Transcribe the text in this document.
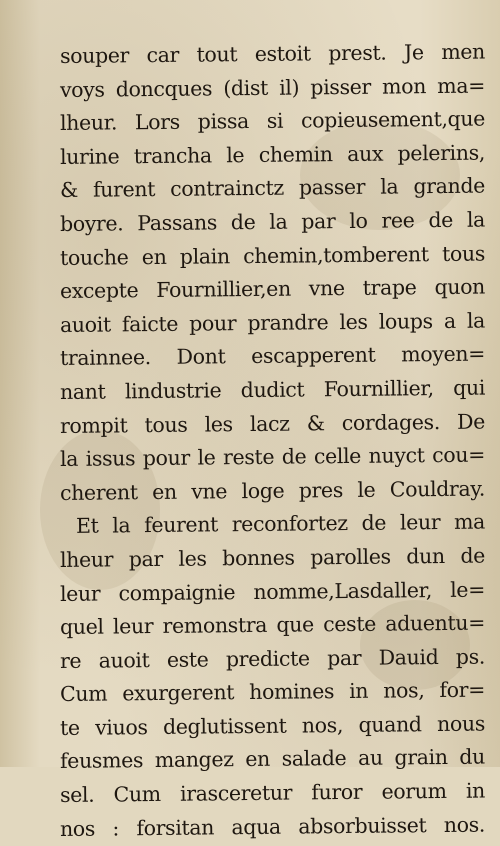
souper car tout estoit prest. Je men
voys doncques (dist il) pisser mon ma=
lheur. Lors pissa si copieusement,que
lurine trancha le chemin aux pelerins,
& furent contrainctz passer la grande
boyre. Passans de la par lo ree de la
touche en plain chemin,tomberent tous
excepte Fournillier,en vne trape quon
auoit faicte pour prandre les loups a la
trainnee. Dont escapperent moyen=
nant lindustrie dudict Fournillier, qui
rompit tous les lacz & cordages. De
la issus pour le reste de celle nuyct cou=
cherent en vne loge pres le Couldray.
Et la feurent reconfortez de leur ma
lheur par les bonnes parolles dun de
leur compaignie nomme,Lasdaller, le=
quel leur remonstra que ceste aduentu=
re auoit este predicte par Dauid ps.
Cum exurgerent homines in nos, for=
te viuos deglutissent nos, quand nous
feusmes mangez en salade au grain du
sel. Cum irasceretur furor eorum in
nos : forsitan aqua absorbuisset nos.
